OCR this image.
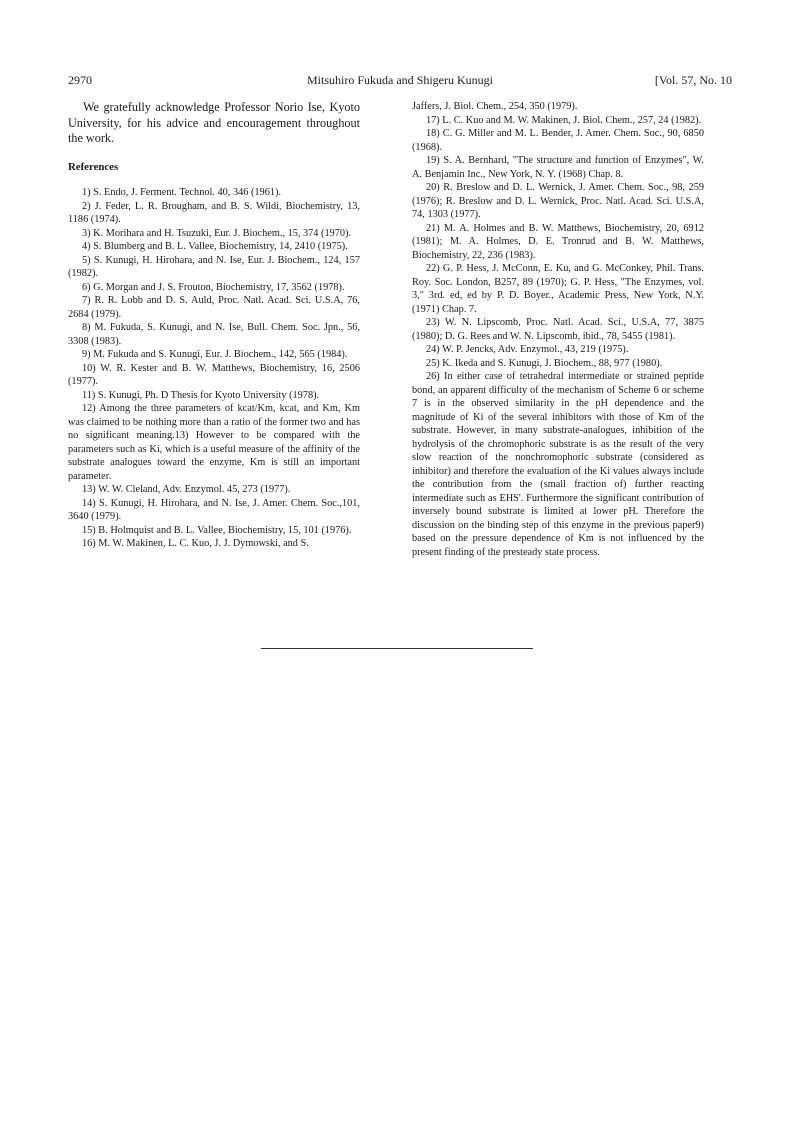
2970	Mitsuhiro Fukuda and Shigeru Kunugi	[Vol. 57, No. 10

We gratefully acknowledge Professor Norio Ise, Kyoto University, for his advice and encouragement throughout the work.

References

1) S. Endo, J. Ferment. Technol. 40, 346 (1961).

2) J. Feder, L. R. Brougham, and B. S. Wildi, Biochemistry, 13, 1186 (1974).

3) K. Morihara and H. Tsuzuki, Eur. J. Biochem., 15, 374 (1970).

4) S. Blumberg and B. L. Vallee, Biochemistry, 14, 2410 (1975).

5) S. Kunugi, H. Hirohara, and N. Ise, Eur. J. Biochem., 124, 157 (1982).

6) G. Morgan and J. S. Frouton, Biochemistry, 17, 3562 (1978).

7) R. R. Lobb and D. S. Auld, Proc. Natl. Acad. Sci. U.S.A, 76, 2684 (1979).

8) M. Fukuda, S. Kunugi, and N. Ise, Bull. Chem. Soc. Jpn., 56, 3308 (1983).

9) M. Fukuda and S. Kunugi, Eur. J. Biochem., 142, 565 (1984).

10) W. R. Kester and B. W. Matthews, Biochemistry, 16, 2506 (1977).

11) S. Kunugi, Ph. D Thesis for Kyoto University (1978).

12) Among the three parameters of kcat/Km, kcat, and Km, Km was claimed to be nothing more than a ratio of the former two and has no significant meaning.13) However to be compared with the parameters such as Ki, which is a useful measure of the affinity of the substrate analogues toward the enzyme, Km is still an important parameter.

13) W. W. Cleland, Adv. Enzymol. 45, 273 (1977).

14) S. Kunugi, H. Hirohara, and N. Ise, J. Amer. Chem. Soc.,101, 3640 (1979).

15) B. Holmquist and B. L. Vallee, Biochemistry, 15, 101 (1976).

16) M. W. Makinen, L. C. Kuo, J. J. Dymowski, and S.

Jaffers, J. Biol. Chem., 254, 350 (1979).

17) L. C. Kuo and M. W. Makinen, J. Biol. Chem., 257, 24 (1982).

18) C. G. Miller and M. L. Bender, J. Amer. Chem. Soc., 90, 6850 (1968).

19) S. A. Bernhard, "The structure and function of Enzymes", W. A. Benjamin Inc., New York, N. Y. (1968) Chap. 8.

20) R. Breslow and D. L. Wernick, J. Amer. Chem. Soc., 98, 259 (1976); R. Breslow and D. L. Wernick, Proc. Natl. Acad. Sci. U.S.A, 74, 1303 (1977).

21) M. A. Holmes and B. W. Matthews, Biochemistry, 20, 6912 (1981); M. A. Holmes, D. E. Tronrud and B. W. Matthews, Biochemistry, 22, 236 (1983).

22) G. P. Hess, J. McConn, E. Ku, and G. McConkey, Phil. Trans. Roy. Soc. London, B257, 89 (1970); G. P. Hess, "The Enzymes, vol. 3," 3rd. ed, ed by P. D. Boyer., Academic Press, New York, N.Y. (1971) Chap. 7.

23) W. N. Lipscomb, Proc. Natl. Acad. Sci., U.S.A, 77, 3875 (1980); D. G. Rees and W. N. Lipscomb, ibid., 78, 5455 (1981).

24) W. P. Jencks, Adv. Enzymol., 43, 219 (1975).

25) K. Ikeda and S. Kunugi, J. Biochem., 88, 977 (1980).

26) In either case of tetrahedral intermediate or strained peptide bond, an apparent difficulty of the mechanism of Scheme 6 or scheme 7 is in the observed similarity in the pH dependence and the magnitude of Ki of the several inhibitors with those of Km of the substrate. However, in many substrate-analogues, inhibition of the hydrolysis of the chromophoric substrate is as the result of the very slow reaction of the nonchromophoric substrate (considered as inhibitor) and therefore the evaluation of the Ki values always include the contribution from the (small fraction of) further reacting intermediate such as EHS'. Furthermore the significant contribution of inversely bound substrate is limited at lower pH. Therefore the discussion on the binding step of this enzyme in the previous paper9) based on the pressure dependence of Km is not influenced by the present finding of the presteady state process.
